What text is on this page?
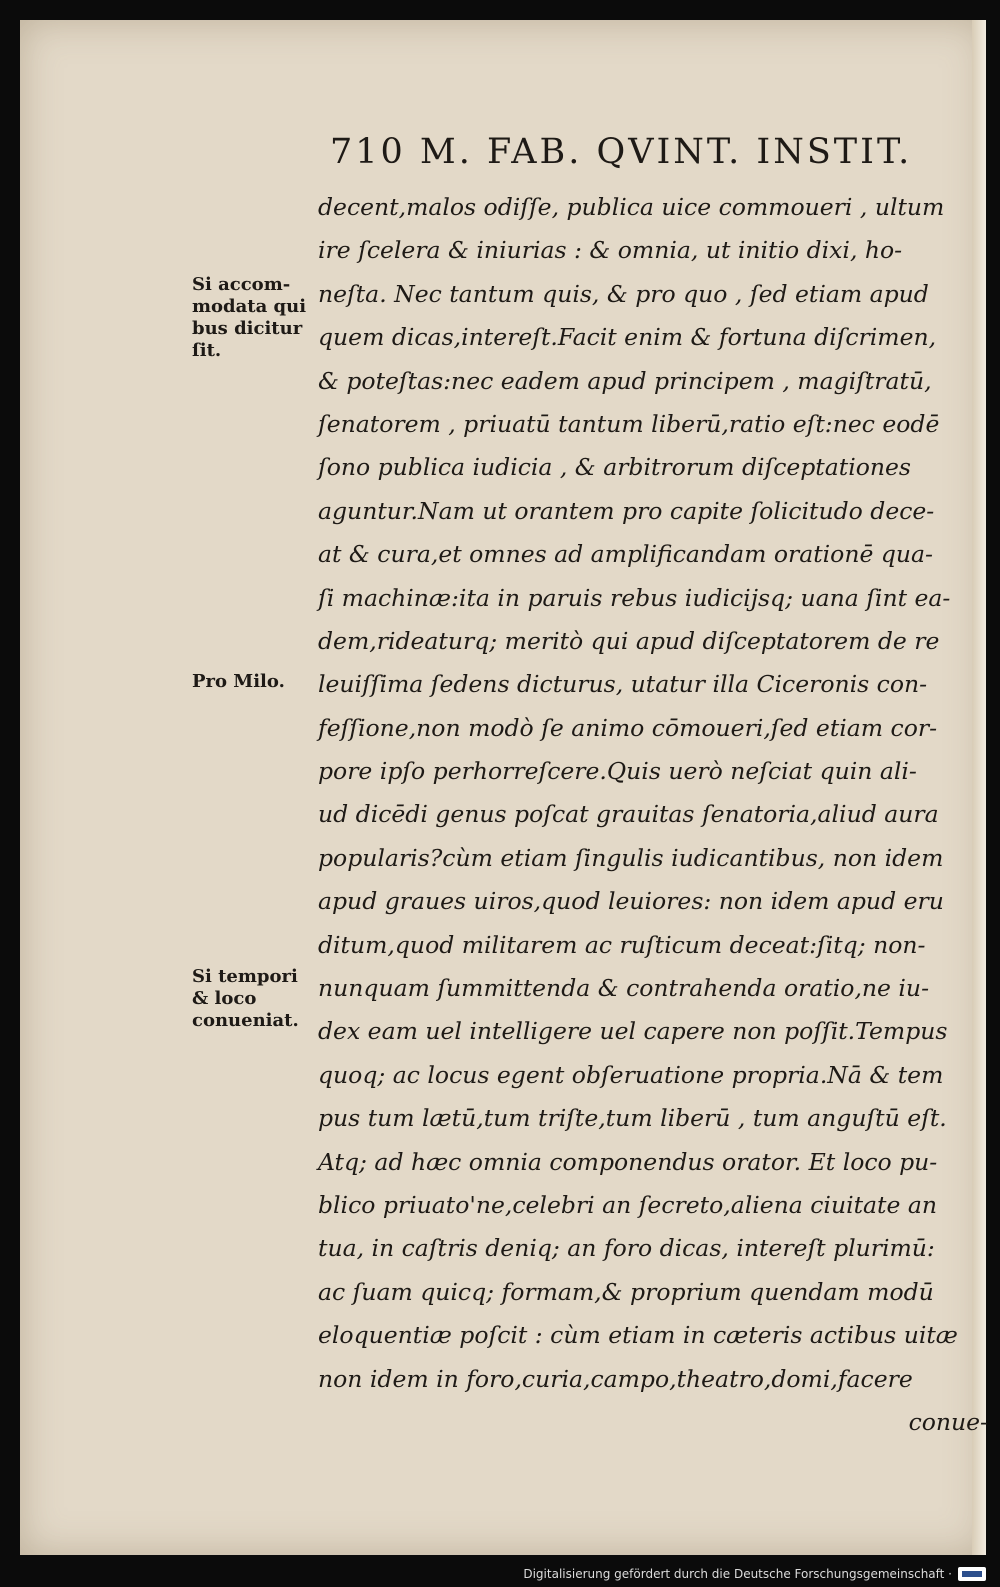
710 M. FAB. QVINT. INSTIT.
decent,malos odiſſe, publica uice commoueri , ultum
ire ſcelera & iniurias : & omnia, ut initio dixi, ho-
neſta. Nec tantum quis, & pro quo , ſed etiam apud
quem dicas,intereſt.Facit enim & fortuna diſcrimen,
& poteſtas:nec eadem apud principem , magiſtratū,
ſenatorem , priuatū tantum liberū,ratio eſt:nec eodē
ſono publica iudicia , & arbitrorum diſceptationes
aguntur.Nam ut orantem pro capite ſolicitudo dece-
at & cura,et omnes ad amplificandam orationē qua-
ſi machinæ:ita in paruis rebus iudicijsq; uana ſint ea-
dem,rideaturq; meritò qui apud diſceptatorem de re
leuiſſima ſedens dicturus, utatur illa Ciceronis con-
feſſione,non modò ſe animo cōmoueri,ſed etiam cor-
pore ipſo perhorreſcere.Quis uerò neſciat quin ali-
ud dicēdi genus poſcat grauitas ſenatoria,aliud aura
popularis?cùm etiam ſingulis iudicantibus, non idem
apud graues uiros,quod leuiores: non idem apud eru
ditum,quod militarem ac ruſticum deceat:ſitq; non-
nunquam ſummittenda & contrahenda oratio,ne iu-
dex eam uel intelligere uel capere non poſſit.Tempus
quoq; ac locus egent obſeruatione propria.Nā & tem
pus tum lætū,tum triſte,tum liberū , tum anguſtū eſt.
Atq; ad hæc omnia componendus orator. Et loco pu-
blico priuato'ne,celebri an ſecreto,aliena ciuitate an
tua, in caſtris deniq; an foro dicas, intereſt plurimū:
ac ſuam quicq; formam,& proprium quendam modū
eloquentiæ poſcit : cùm etiam in cæteris actibus uitæ
non idem in foro,curia,campo,theatro,domi,facere
conue-
Si accom-
modata qui
bus dicitur
ſit.
Pro Milo.
Si tempori
& loco
conueniat.
Digitalisierung gefördert durch die Deutsche Forschungsgemeinschaft ·
